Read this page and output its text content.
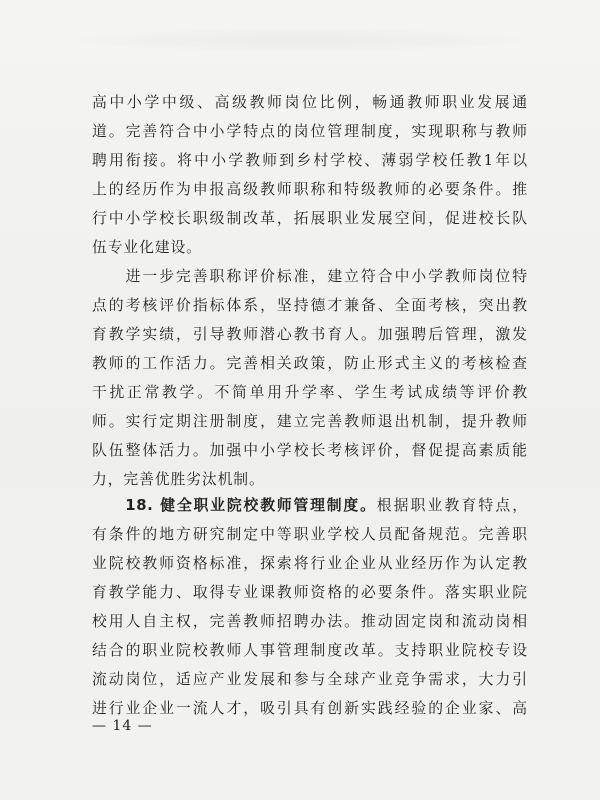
高中小学中级、高级教师岗位比例，畅通教师职业发展通
道。完善符合中小学特点的岗位管理制度，实现职称与教师
聘用衔接。将中小学教师到乡村学校、薄弱学校任教1年以
上的经历作为申报高级教师职称和特级教师的必要条件。推
行中小学校长职级制改革，拓展职业发展空间，促进校长队
伍专业化建设。
　　进一步完善职称评价标准，建立符合中小学教师岗位特
点的考核评价指标体系，坚持德才兼备、全面考核，突出教
育教学实绩，引导教师潜心教书育人。加强聘后管理，激发
教师的工作活力。完善相关政策，防止形式主义的考核检查
干扰正常教学。不简单用升学率、学生考试成绩等评价教
师。实行定期注册制度，建立完善教师退出机制，提升教师
队伍整体活力。加强中小学校长考核评价，督促提高素质能
力，完善优胜劣汰机制。
　　18. 健全职业院校教师管理制度。根据职业教育特点，
有条件的地方研究制定中等职业学校人员配备规范。完善职
业院校教师资格标准，探索将行业企业从业经历作为认定教
育教学能力、取得专业课教师资格的必要条件。落实职业院
校用人自主权，完善教师招聘办法。推动固定岗和流动岗相
结合的职业院校教师人事管理制度改革。支持职业院校专设
流动岗位，适应产业发展和参与全球产业竞争需求，大力引
进行业企业一流人才，吸引具有创新实践经验的企业家、高
— 14 —
